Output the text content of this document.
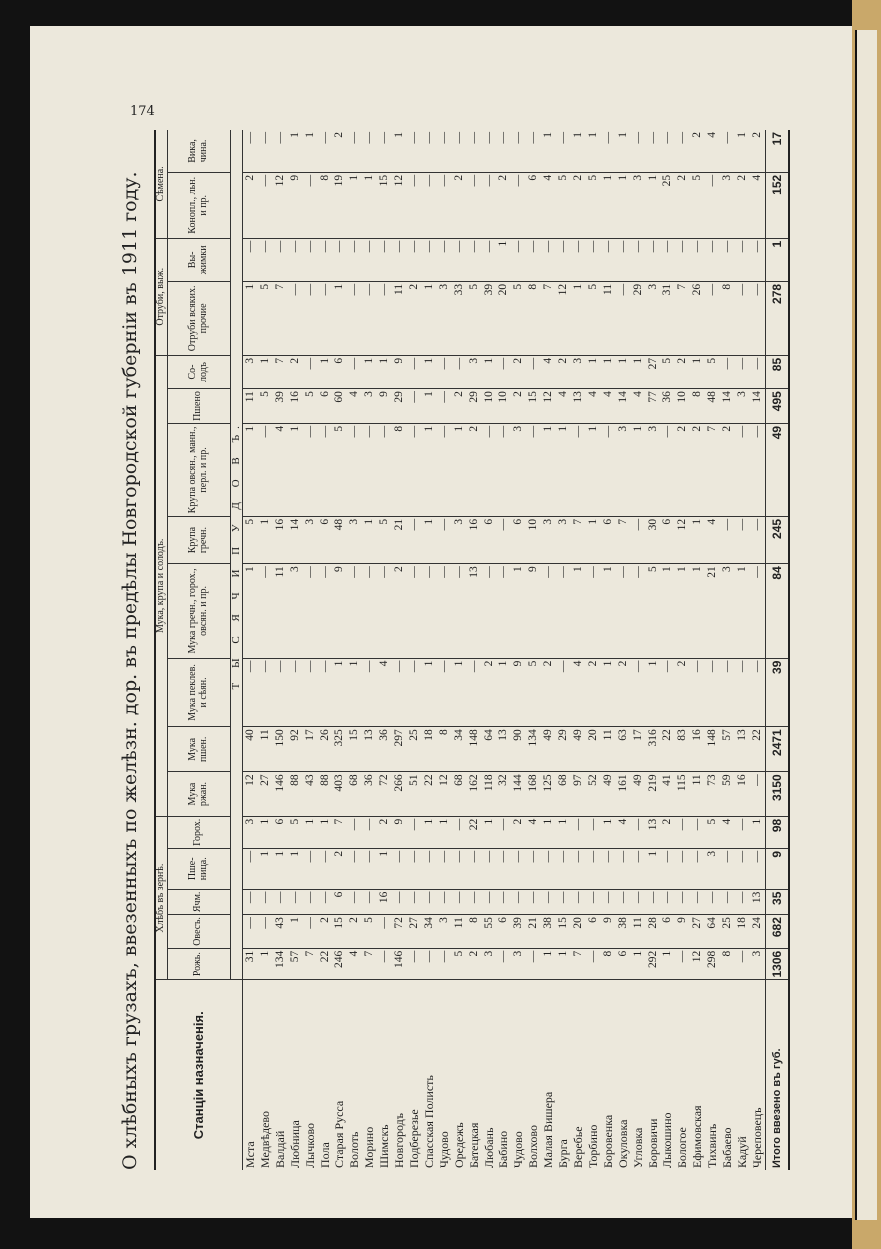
174
О хлѣбныхъ грузахъ, ввезенныхъ по желѣзн. дор. въ предѣлы Новгородской губерніи въ 1911 году.	Станціи назначенія.	Хлѣбъ въ зернѣ.					Мука, крупа и солодъ.								Отруби, выж.		Сѣмена.	
	Рожь.	Овесъ.	Ячм.	Пше-ница.	Горох.	Мука ржан.	Мука пшен.	Мука пеклев. и сѣян.	Мука гречн., горох., овсян. и пр.	Крупа гречн.	Крупа овсян., манн., перл. и пр.	Пшено	Со-лодъ	Отруби всяких. прочие	Вы-жимки	Конопл., льн. и пр.	Вика, чина.
	Т Ы С Я Ч И П У Д О В Ъ.																
Мста	31	—	—	—	3	12	40	—	1	5	1	11	3	1	—	2	—
Медвѣдево	1	—	—	1	1	27	11	—	—	1	—	5	1	5	—	—	—
Валдай	134	43	—	1	6	146	150	—	11	16	4	39	7	7	—	12	—
Любница	57	1	—	1	5	88	92	—	3	14	1	16	2	—	—	9	1
Лычково	7	—	—	—	1	43	17	—	—	3	—	5	—	—	—	—	1
Пола	22	2	—	—	1	88	26	—	—	6	—	6	1	—	—	8	—
Старая Русса	246	15	6	2	7	403	325	1	9	48	5	60	6	1	—	19	2
Волоть	4	2	—	—	—	68	15	1	—	3	—	4	—	—	—	1	—
Морино	7	5	—	—	—	36	13	—	—	1	—	3	1	—	—	1	—
Шимскъ	—	—	16	1	2	72	36	4	—	5	—	9	1	—	—	15	—
Новгородъ	146	72	—	—	9	266	297	—	2	21	8	29	9	11	—	12	1
Подберезье	—	27	—	—	—	51	25	—	—	—	—	—	—	2	—	—	—
Спасская Полисть	—	34	—	—	1	22	18	1	—	1	1	1	1	1	—	—	—
Чудово	—	3	—	—	1	12	8	—	—	—	—	—	—	3	—	—	—
Оредежъ	5	11	—	—	—	68	34	1	—	3	1	2	—	33	—	2	—
Батецкая	2	8	—	—	22	162	148	—	13	16	2	29	3	5	—	—	—
Любань	3	55	—	—	1	118	64	2	—	6	—	10	1	39	—	—	—
Бабино	—	6	—	—	—	32	13	1	—	—	—	10	—	20	1	2	—
Чудово	3	39	—	—	2	144	90	9	1	6	3	2	2	5	—	—	—
Волхово	—	21	—	—	4	168	134	5	9	10	—	15	—	8	—	6	—
Малая Вишера	1	38	—	—	1	125	49	2	—	3	1	12	4	7	—	4	1
Бурга	1	15	—	—	1	68	29	—	—	3	1	4	2	12	—	5	—
Веребье	7	20	—	—	—	97	49	4	1	7	—	13	3	1	—	2	1
Торбино	—	6	—	—	—	52	20	2	—	1	1	4	1	5	—	5	1
Боровенка	8	9	—	—	1	49	11	1	1	6	—	4	1	11	—	1	—
Окуловка	6	38	—	—	4	161	63	2	—	7	3	14	1	—	—	1	1
Угловка	1	11	—	—	—	49	17	—	—	—	1	4	1	29	—	3	—
Боровичи	292	28	—	1	13	219	316	1	5	30	3	77	27	3	—	1	—
Лыкошино	1	6	—	—	2	41	22	—	1	6	—	36	5	31	—	25	—
Бологое	—	9	—	—	—	115	83	2	1	12	2	10	2	7	—	2	—
Ефимовская	12	27	—	—	—	11	16	—	1	1	2	8	1	26	—	5	2
Тихвинъ	298	64	—	3	5	73	148	—	21	4	7	48	5	—	—	—	4
Бабаево	8	25	—	—	4	59	57	—	3	—	2	14	—	8	—	3	—
Кадуй	—	18	—	—	—	16	13	—	1	—	—	3	—	—	—	2	1
Череповецъ	3	24	13	—	1	—	22	—	—	—	—	14	—	—	—	4	2
Итого ввезено въ губ.	1306	682	35	9	98	3150	2471	39	84	245	49	495	85	278	1	152	17
